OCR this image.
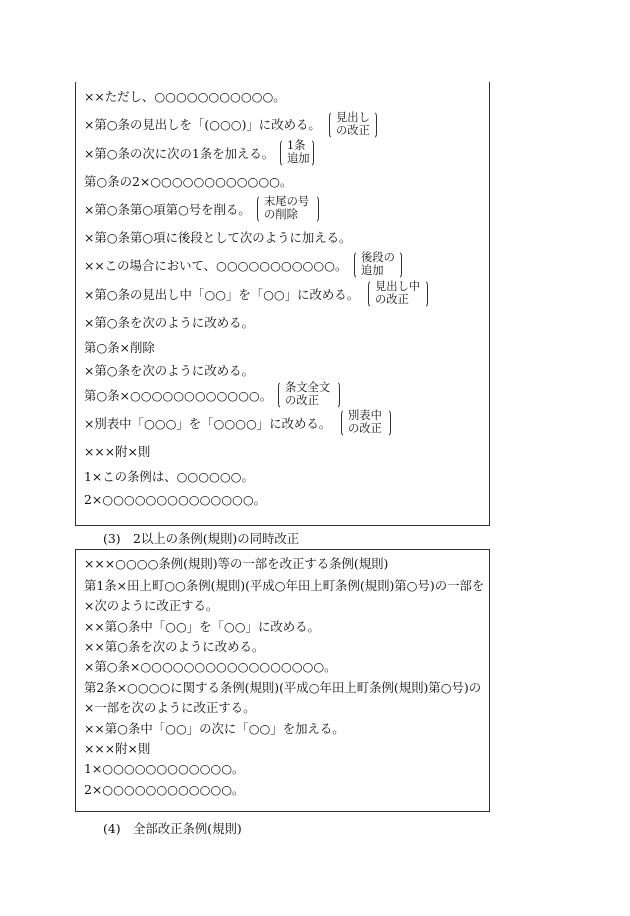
××ただし、○○○○○○○○○○○。
×第○条の見出しを「(○○○)」に改める。
×第○条の次に次の1条を加える。
第○条の2×○○○○○○○○○○○○。
×第○条第○項第○号を削る。
×第○条第○項に後段として次のように加える。
××この場合において、○○○○○○○○○○○。
×第○条の見出し中「○○」を「○○」に改める。
×第○条を次のように改める。
第○条×削除
×第○条を次のように改める。
第○条×○○○○○○○○○○○○。
×別表中「○○○」を「○○○○」に改める。
×××附×則
1×この条例は、○○○○○○。
2×○○○○○○○○○○○○○○。
見出し
の改正
1条
追加
末尾の号
の削除
後段の
追加
見出し中
の改正
条文全文
の改正
別表中
の改正
(3)　2以上の条例(規則)の同時改正
×××○○○○条例(規則)等の一部を改正する条例(規則)
第1条×田上町○○条例(規則)(平成○年田上町条例(規則)第○号)の一部を
×次のように改正する。
××第○条中「○○」を「○○」に改める。
××第○条を次のように改める。
×第○条×○○○○○○○○○○○○○○○○○。
第2条×○○○○に関する条例(規則)(平成○年田上町条例(規則)第○号)の
×一部を次のように改正する。
××第○条中「○○」の次に「○○」を加える。
×××附×則
1×○○○○○○○○○○○○。
2×○○○○○○○○○○○○。
(4)　全部改正条例(規則)
